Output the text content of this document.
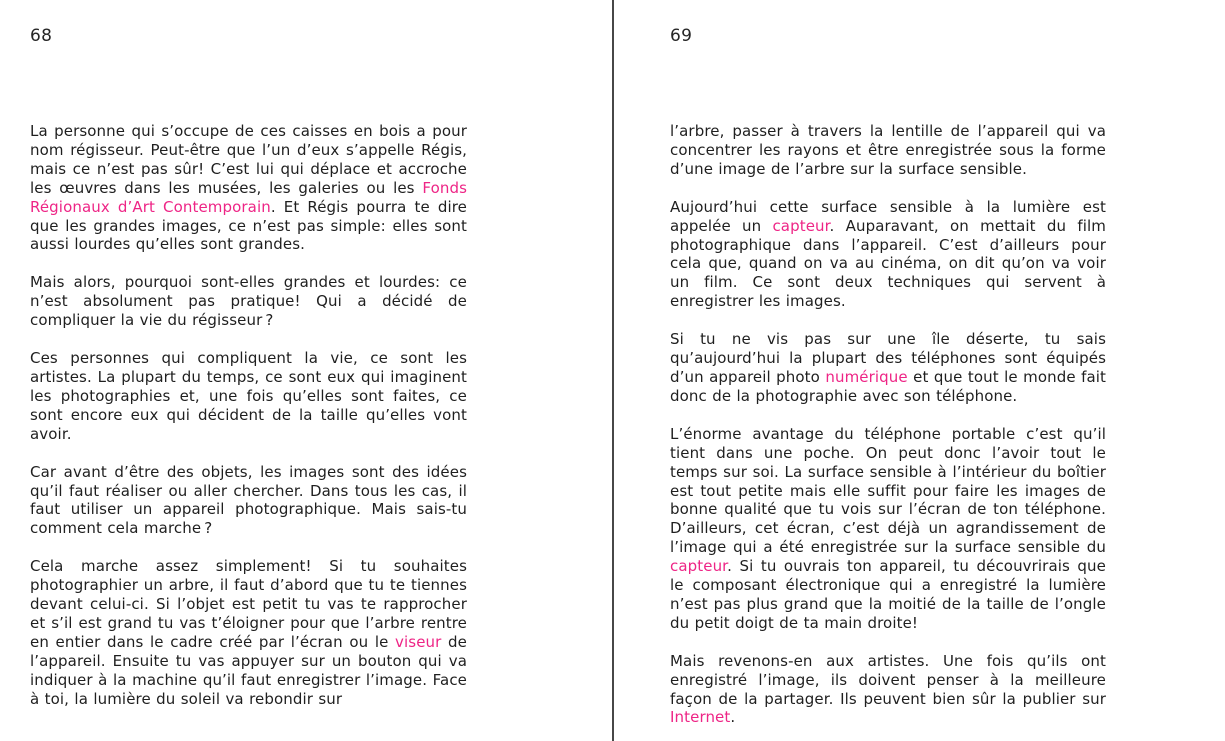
68

La personne qui s’occupe de ces caisses en bois a pour nom régisseur. Peut-être que l’un d’eux s’appelle Régis, mais ce n’est pas sûr! C’est lui qui déplace et accroche les œuvres dans les musées, les galeries ou les Fonds Régionaux d’Art Contemporain. Et Régis pourra te dire que les grandes images, ce n’est pas simple: elles sont aussi lourdes qu’elles sont grandes.

Mais alors, pourquoi sont-elles grandes et lourdes: ce n’est absolument pas pratique! Qui a décidé de compliquer la vie du régisseur ?

Ces personnes qui compliquent la vie, ce sont les artistes. La plupart du temps, ce sont eux qui imaginent les photographies et, une fois qu’elles sont faites, ce sont encore eux qui décident de la taille qu’elles vont avoir.

Car avant d’être des objets, les images sont des idées qu’il faut réaliser ou aller chercher. Dans tous les cas, il faut utiliser un appareil photographique. Mais sais-tu comment cela marche ?

Cela marche assez simplement! Si tu souhaites photographier un arbre, il faut d’abord que tu te tiennes devant celui-ci. Si l’objet est petit tu vas te rapprocher et s’il est grand tu vas t’éloigner pour que l’arbre rentre en entier dans le cadre créé par l’écran ou le viseur de l’appareil. Ensuite tu vas appuyer sur un bouton qui va indiquer à la machine qu’il faut enregistrer l’image. Face à toi, la lumière du soleil va rebondir sur

69

l’arbre, passer à travers la lentille de l’appareil qui va concentrer les rayons et être enregistrée sous la forme d’une image de l’arbre sur la surface sensible.

Aujourd’hui cette surface sensible à la lumière est appelée un capteur. Auparavant, on mettait du film photographique dans l’appareil. C’est d’ailleurs pour cela que, quand on va au cinéma, on dit qu’on va voir un film. Ce sont deux techniques qui servent à enregistrer les images.

Si tu ne vis pas sur une île déserte, tu sais qu’aujourd’hui la plupart des téléphones sont équipés d’un appareil photo numérique et que tout le monde fait donc de la photographie avec son téléphone.

L’énorme avantage du téléphone portable c’est qu’il tient dans une poche. On peut donc l’avoir tout le temps sur soi. La surface sensible à l’intérieur du boîtier est tout petite mais elle suffit pour faire les images de bonne qualité que tu vois sur l’écran de ton téléphone. D’ailleurs, cet écran, c’est déjà un agrandissement de l’image qui a été enregistrée sur la surface sensible du capteur. Si tu ouvrais ton appareil, tu découvrirais que le composant électronique qui a enregistré la lumière n’est pas plus grand que la moitié de la taille de l’ongle du petit doigt de ta main droite!

Mais revenons-en aux artistes. Une fois qu’ils ont enregistré l’image, ils doivent penser à la meilleure façon de la partager. Ils peuvent bien sûr la publier sur Internet.
